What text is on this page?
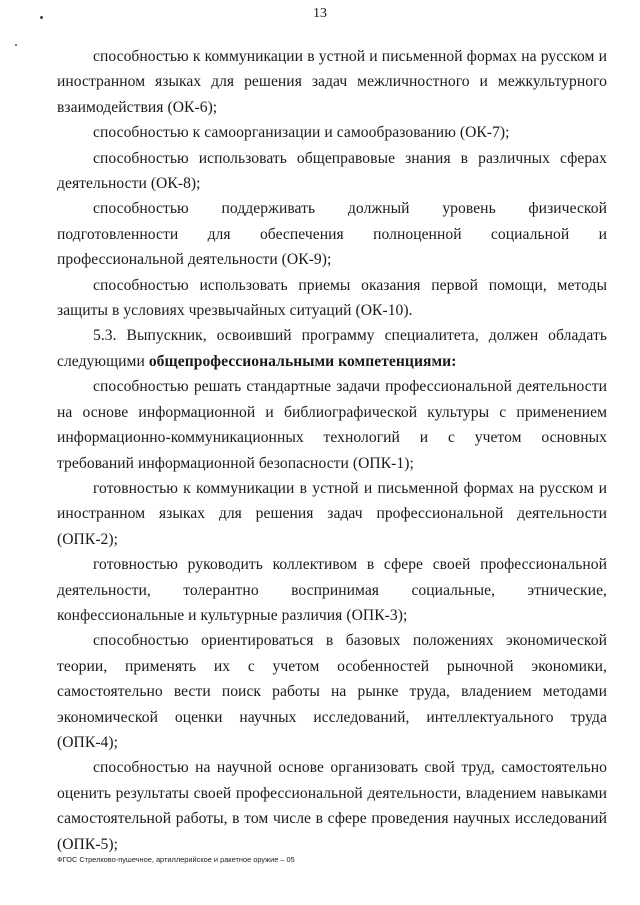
13

способностью к коммуникации в устной и письменной формах на русском и иностранном языках для решения задач межличностного и межкультурного взаимодействия (ОК-6);

способностью к самоорганизации и самообразованию (ОК-7);

способностью использовать общеправовые знания в различных сферах деятельности (ОК-8);

способностью поддерживать должный уровень физической подготовленности для обеспечения полноценной социальной и профессиональной деятельности (ОК-9);

способностью использовать приемы оказания первой помощи, методы защиты в условиях чрезвычайных ситуаций (ОК-10).

5.3. Выпускник, освоивший программу специалитета, должен обладать следующими общепрофессиональными компетенциями:

способностью решать стандартные задачи профессиональной деятельности на основе информационной и библиографической культуры с применением информационно-коммуникационных технологий и с учетом основных требований информационной безопасности (ОПК-1);

готовностью к коммуникации в устной и письменной формах на русском и иностранном языках для решения задач профессиональной деятельности (ОПК-2);

готовностью руководить коллективом в сфере своей профессиональной деятельности, толерантно воспринимая социальные, этнические, конфессиональные и культурные различия (ОПК-3);

способностью ориентироваться в базовых положениях экономической теории, применять их с учетом особенностей рыночной экономики, самостоятельно вести поиск работы на рынке труда, владением методами экономической оценки научных исследований, интеллектуального труда (ОПК-4);

способностью на научной основе организовать свой труд, самостоятельно оценить результаты своей профессиональной деятельности, владением навыками самостоятельной работы, в том числе в сфере проведения научных исследований (ОПК-5);

ФГОС Стрелково-пушечное, артиллерийское и ракетное оружие – 05
